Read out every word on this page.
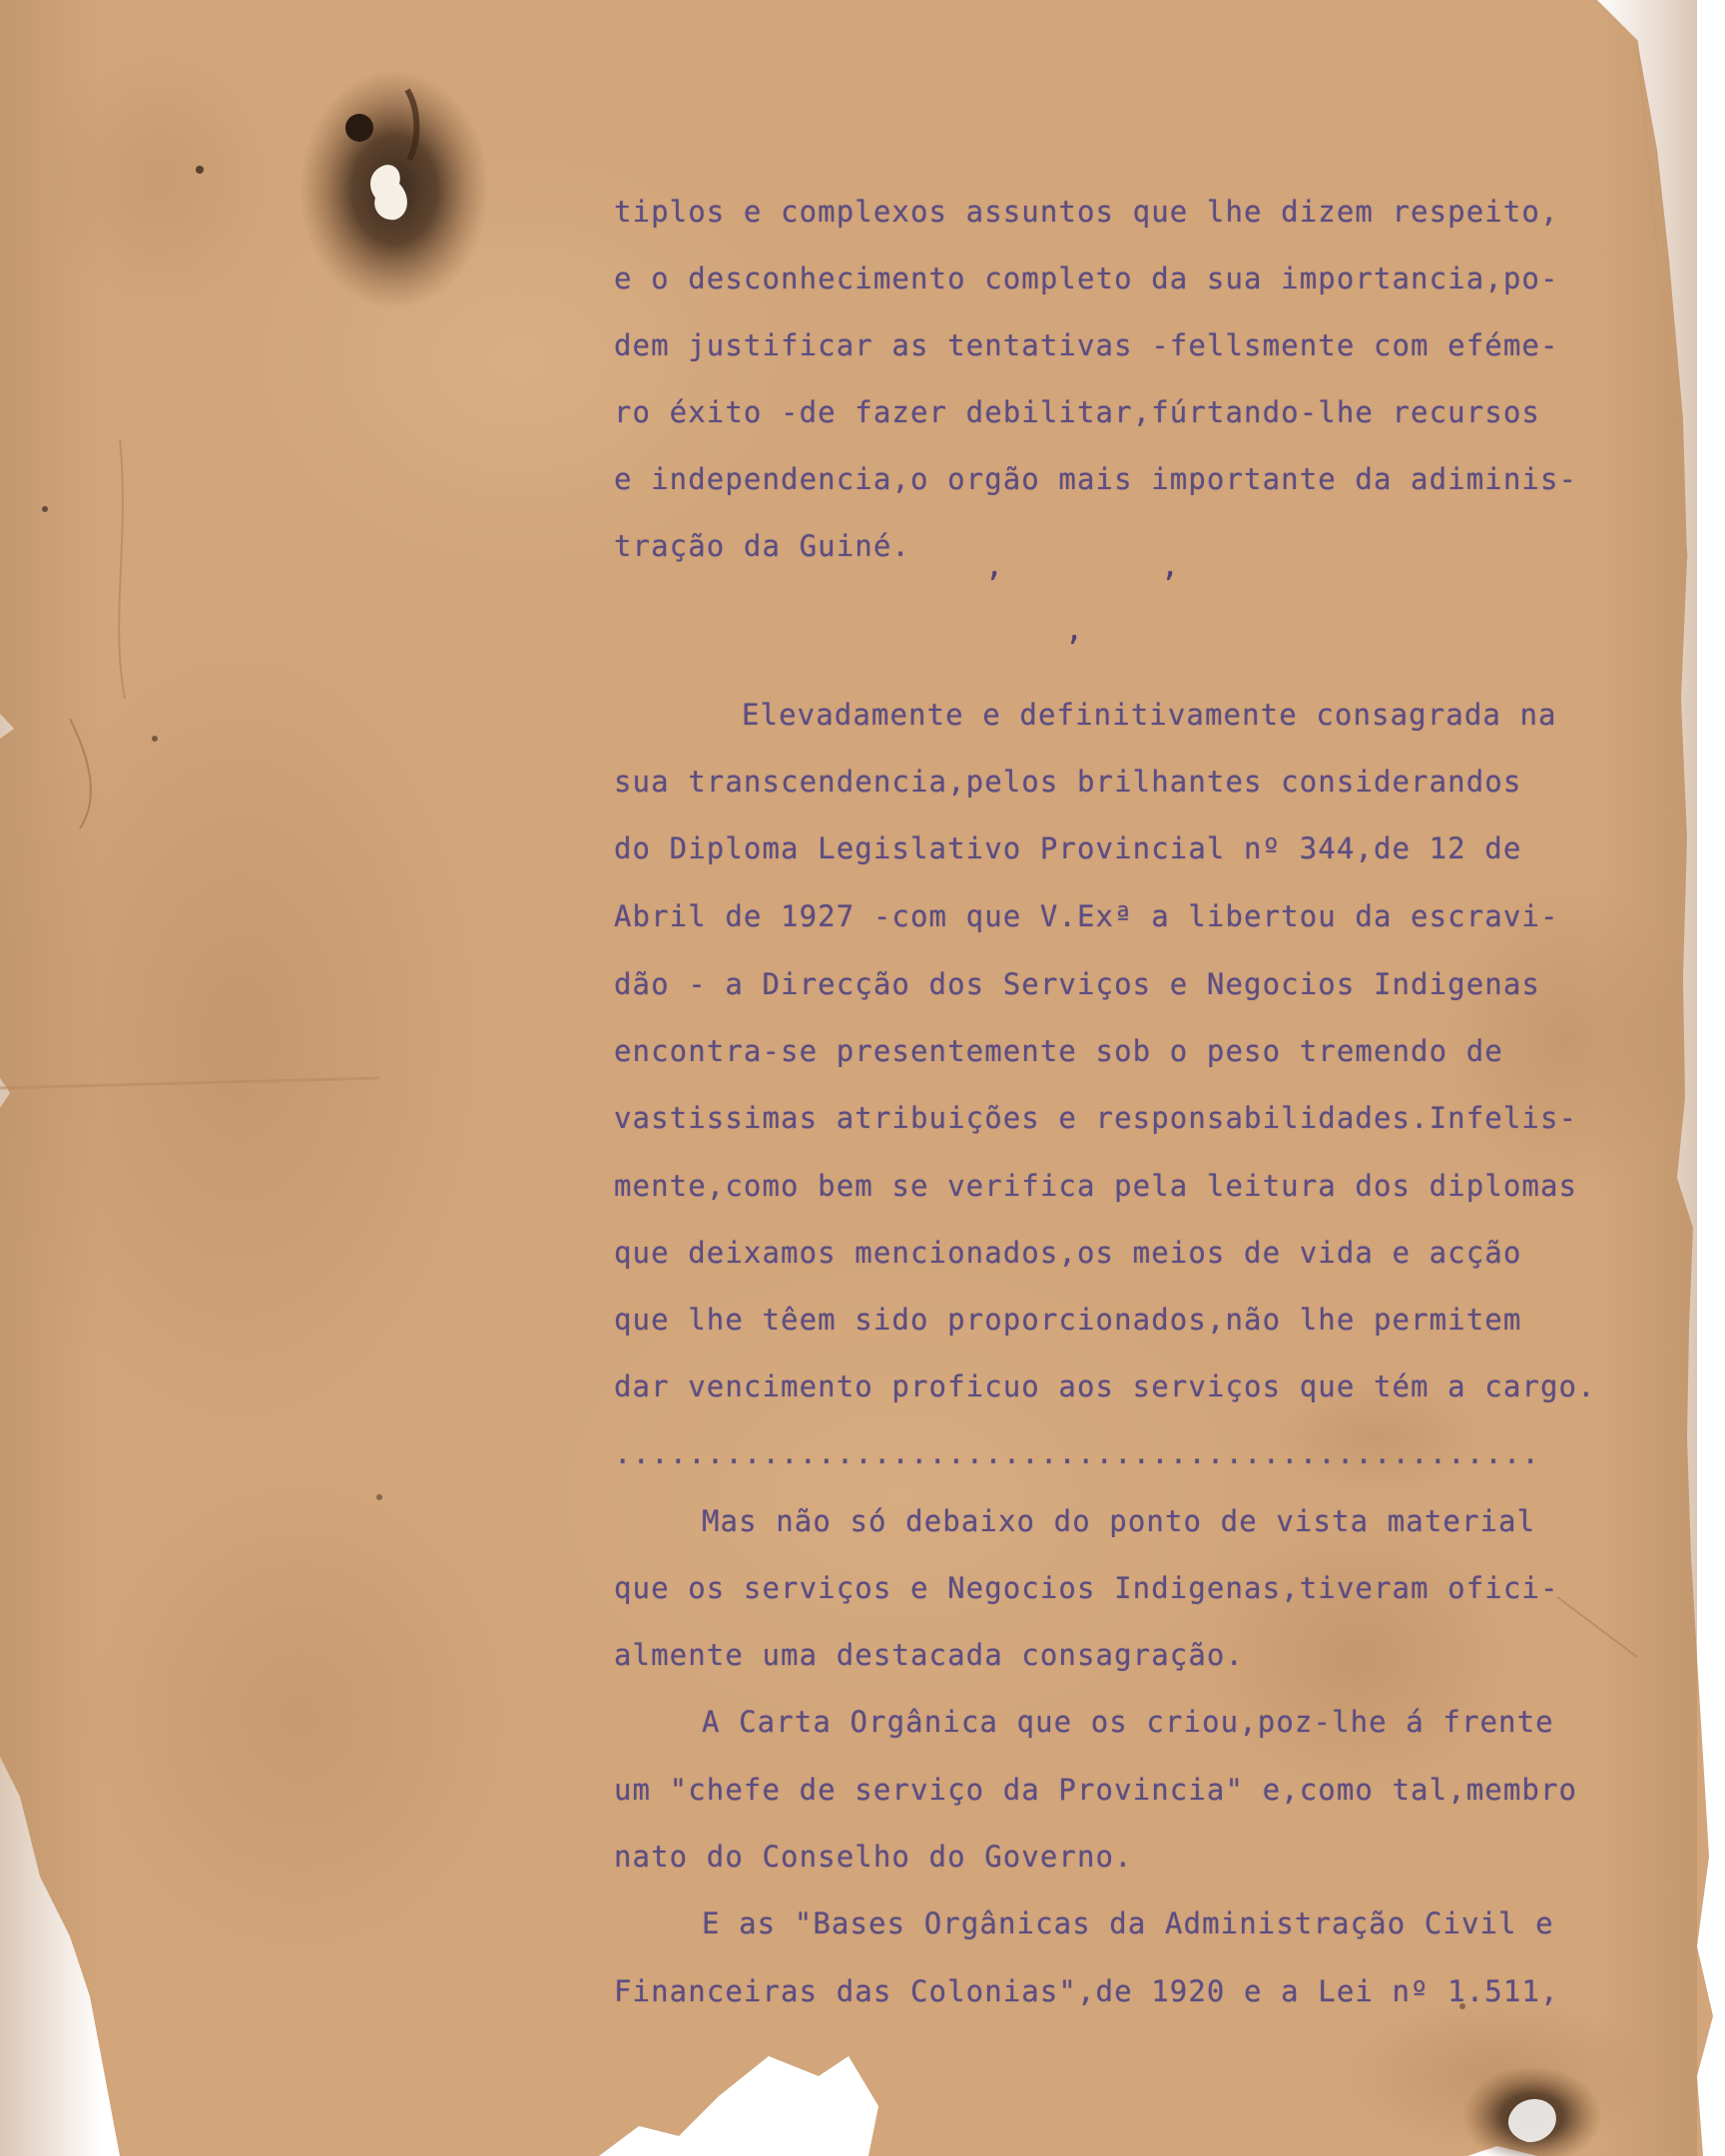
tiplos e complexos assuntos que lhe dizem respeito,
e o desconhecimento completo da sua importancia,po-
dem justificar as tentativas -fellsmente com eféme-
ro éxito -de fazer debilitar,fúrtando-lhe recursos
e independencia,o orgão mais importante da adiminis-
tração da Guiné.
,	,
,
Elevadamente e definitivamente consagrada na
sua transcendencia,pelos brilhantes considerandos
do Diploma Legislativo Provincial nº 344,de 12 de
Abril de 1927 -com que V.Exª a libertou da escravi-
dão - a Direcção dos Serviços e Negocios Indigenas
encontra-se presentemente sob o peso tremendo de
vastissimas atribuições e responsabilidades.Infelis-
mente,como bem se verifica pela leitura dos diplomas
que deixamos mencionados,os meios de vida e acção
que lhe têem sido proporcionados,não lhe permitem
dar vencimento proficuo aos serviços que tém a cargo.
..................................................
Mas não só debaixo do ponto de vista material
que os serviços e Negocios Indigenas,tiveram ofici-
almente uma destacada consagração.
A Carta Orgânica que os criou,poz-lhe á frente
um "chefe de serviço da Provincia" e,como tal,membro
nato do Conselho do Governo.
E as "Bases Orgânicas da Administração Civil e
Financeiras das Colonias",de 1920 e a Lei nº 1.511,
